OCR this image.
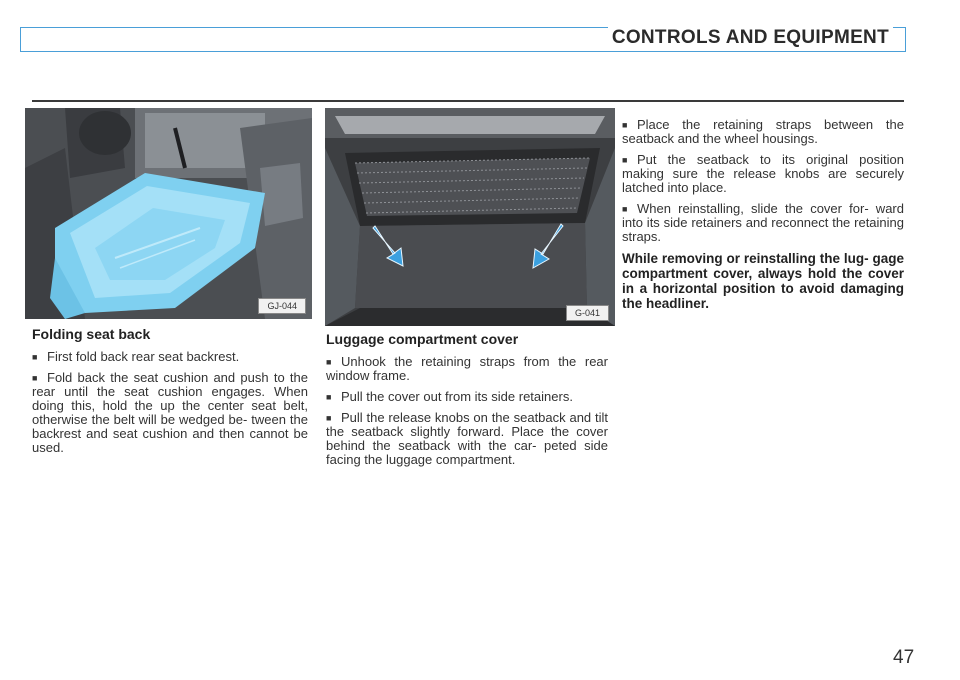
CONTROLS AND EQUIPMENT
GJ-044
G-041
Folding seat back

■ First fold back rear seat backrest.

■ Fold back the seat cushion and push to the rear until the seat cushion engages. When doing this, hold the up the center seat belt, otherwise the belt will be wedged be- tween the backrest and seat cushion and then cannot be used.

Luggage compartment cover

■ Unhook the retaining straps from the rear window frame.

■ Pull the cover out from its side retainers.

■ Pull the release knobs on the seatback and tilt the seatback slightly forward. Place the cover behind the seatback with the car- peted side facing the luggage compartment.

■ Place the retaining straps between the seatback and the wheel housings.

■ Put the seatback to its original position making sure the release knobs are securely latched into place.

■ When reinstalling, slide the cover for- ward into its side retainers and reconnect the retaining straps.

While removing or reinstalling the lug- gage compartment cover, always hold the cover in a horizontal position to avoid damaging the headliner.

47
